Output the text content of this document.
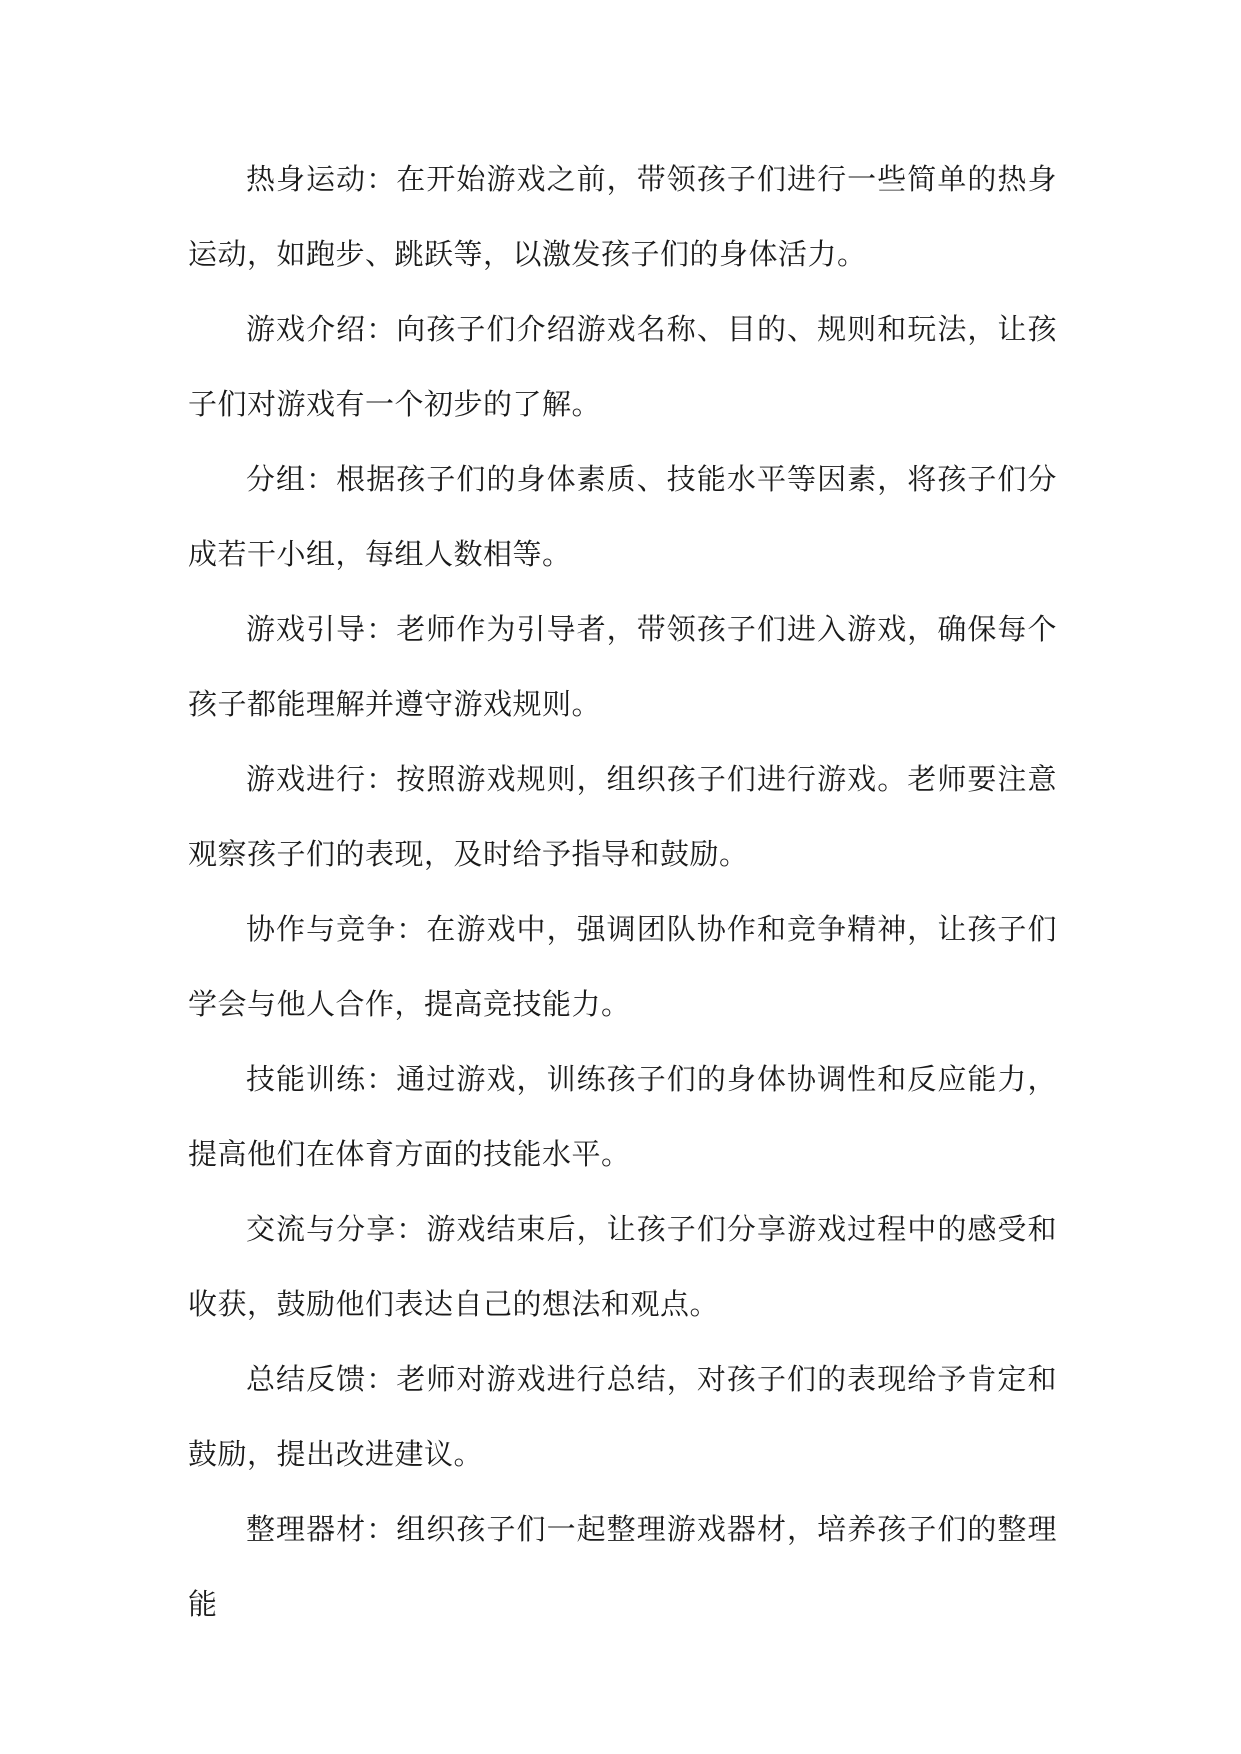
热身运动：在开始游戏之前，带领孩子们进行一些简单的热身运动，如跑步、跳跃等，以激发孩子们的身体活力。

游戏介绍：向孩子们介绍游戏名称、目的、规则和玩法，让孩子们对游戏有一个初步的了解。

分组：根据孩子们的身体素质、技能水平等因素，将孩子们分成若干小组，每组人数相等。

游戏引导：老师作为引导者，带领孩子们进入游戏，确保每个孩子都能理解并遵守游戏规则。

游戏进行：按照游戏规则，组织孩子们进行游戏。老师要注意观察孩子们的表现，及时给予指导和鼓励。

协作与竞争：在游戏中，强调团队协作和竞争精神，让孩子们学会与他人合作，提高竞技能力。

技能训练：通过游戏，训练孩子们的身体协调性和反应能力，提高他们在体育方面的技能水平。

交流与分享：游戏结束后，让孩子们分享游戏过程中的感受和收获，鼓励他们表达自己的想法和观点。

总结反馈：老师对游戏进行总结，对孩子们的表现给予肯定和鼓励，提出改进建议。

整理器材：组织孩子们一起整理游戏器材，培养孩子们的整理能
